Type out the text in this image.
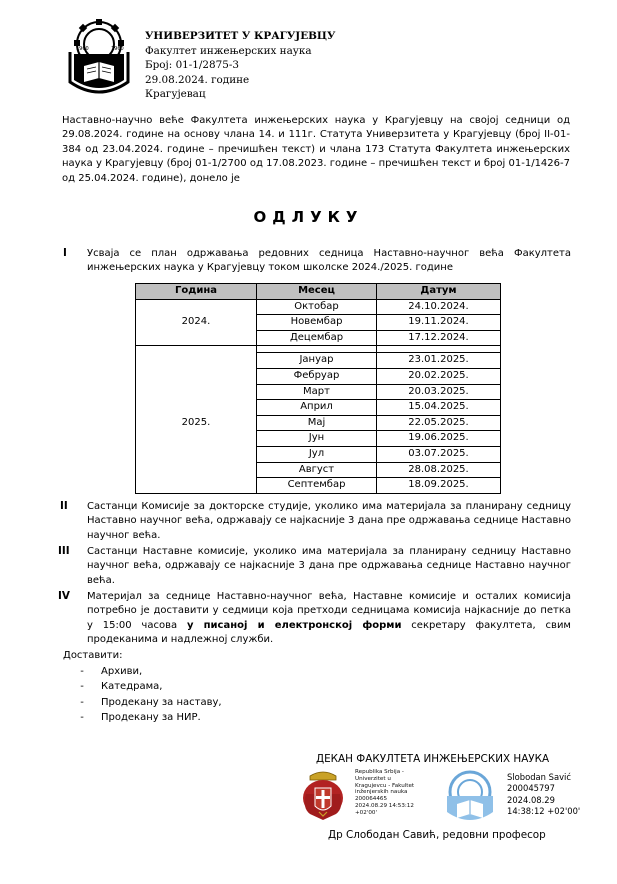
1960	1960
УНИВЕРЗИТЕТ У КРАГУЈЕВЦУ
Факултет инжењерских наука
Број: 01-1/2875-3
29.08.2024. године
Крагујевац
Наставно-научно веће Факултета инжењерских наука у Крагујевцу на својој седници од 29.08.2024. године на основу члана 14. и 111г. Статута Универзитета у Крагујевцу (број II-01-384 од 23.04.2024. године – пречишћен текст) и члана 173 Статута Факултета инжењерских наука у Крагујевцу (број 01-1/2700 од 17.08.2023. године – пречишћен текст и број 01-1/1426-7 од 25.04.2024. године), донело је
ОДЛУКУ
I Усваја се план одржавања редовних седница Наставно-научног већа Факултета инжењерских наука у Крагујевцу током школске 2024./2025. године
Година	Месец	Датум
2024.	Октобар	24.10.2024.
	Новембар	19.11.2024.
	Децембар	17.12.2024.

2025.	Јануар	23.01.2025.
	Фебруар	20.02.2025.
	Март	20.03.2025.
	Април	15.04.2025.
	Мај	22.05.2025.
	Јун	19.06.2025.
	Јул	03.07.2025.
	Август	28.08.2025.
	Септембар	18.09.2025.
II Састанци Комисије за докторске студије, уколико има материјала за планирану седницу Наставно научног већа, одржавају се најкасније 3 дана пре одржавања седнице Наставно научног већа.
III Састанци Наставне комисије, уколико има материјала за планирану седницу Наставно научног већа, одржавају се најкасније 3 дана пре одржавања седнице Наставно научног већа.
IV Материјал за седнице Наставно-научног већа, Наставне комисије и осталих комисија потребно је доставити у седмици која претходи седницама комисија најкасније до петка у 15:00 часова у писаној и електронској форми секретару факултета, свим продеканима и надлежној служби.
Доставити:
-	Архиви,
-	Катедрама,
-	Продекану за наставу,
-	Продекану за НИР.
ДЕКАН ФАКУЛТЕТА ИНЖЕЊЕРСКИХ НАУКА
Republika Srbija -
Univerzitet u
Kragujevcu - Fakultet
inženjerskih nauka
200064465
2024.08.29 14:53:12
+02'00'
Slobodan Savić
200045797
2024.08.29
14:38:12 +02'00'
Др Слободан Савић, редовни професор
